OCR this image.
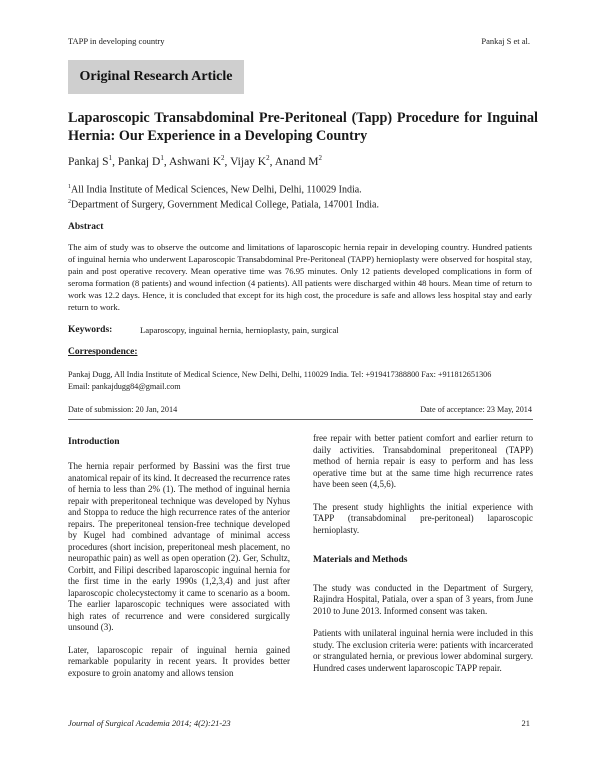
TAPP in developing country	Pankaj S et al.
Original Research Article
Laparoscopic Transabdominal Pre-Peritoneal (Tapp) Procedure for Inguinal Hernia: Our Experience in a Developing Country
Pankaj $S^1$, Pankaj $D^1$, Ashwani $K^2$, Vijay $K^2$, Anand $M^2$
$^1$All India Institute of Medical Sciences, New Delhi, Delhi, 110029 India.
$^2$Department of Surgery, Government Medical College, Patiala, 147001 India.
Abstract
The aim of study was to observe the outcome and limitations of laparoscopic hernia repair in developing country. Hundred patients of inguinal hernia who underwent Laparoscopic Transabdominal Pre-Peritoneal (TAPP) hernioplasty were observed for hospital stay, pain and post operative recovery. Mean operative time was 76.95 minutes. Only 12 patients developed complications in form of seroma formation (8 patients) and wound infection (4 patients). All patients were discharged within 48 hours. Mean time of return to work was 12.2 days. Hence, it is concluded that except for its high cost, the procedure is safe and allows less hospital stay and early return to work.
Keywords:	Laparoscopy, inguinal hernia, hernioplasty, pain, surgical
Correspondence:
Pankaj Dugg, All India Institute of Medical Science, New Delhi, Delhi, 110029 India. Tel: +919417388800 Fax: +911812651306
Email: pankajdugg84@gmail.com
Date of submission: 20 Jan, 2014	Date of acceptance: 23 May, 2014
Introduction

The hernia repair performed by Bassini was the first true anatomical repair of its kind. It decreased the recurrence rates of hernia to less than 2% (1). The method of inguinal hernia repair with preperitoneal technique was developed by Nyhus and Stoppa to reduce the high recurrence rates of the anterior repairs. The preperitoneal tension-free technique developed by Kugel had combined advantage of minimal access procedures (short incision, preperitoneal mesh placement, no neuropathic pain) as well as open operation (2). Ger, Schultz, Corbitt, and Filipi described laparoscopic inguinal hernia for the first time in the early 1990s (1,2,3,4) and just after laparoscopic cholecystectomy it came to scenario as a boom. The earlier laparoscopic techniques were associated with high rates of recurrence and were considered surgically unsound (3).

Later, laparoscopic repair of inguinal hernia gained remarkable popularity in recent years. It provides better exposure to groin anatomy and allows tension

free repair with better patient comfort and earlier return to daily activities. Transabdominal preperitoneal (TAPP) method of hernia repair is easy to perform and has less operative time but at the same time high recurrence rates have been seen (4,5,6).

The present study highlights the initial experience with TAPP (transabdominal pre-peritoneal) laparoscopic hernioplasty.

Materials and Methods

The study was conducted in the Department of Surgery, Rajindra Hospital, Patiala, over a span of 3 years, from June 2010 to June 2013. Informed consent was taken.

Patients with unilateral inguinal hernia were included in this study. The exclusion criteria were: patients with incarcerated or strangulated hernia, or previous lower abdominal surgery. Hundred cases underwent laparoscopic TAPP repair.

Journal of Surgical Academia 2014; 4(2):21-23	21
